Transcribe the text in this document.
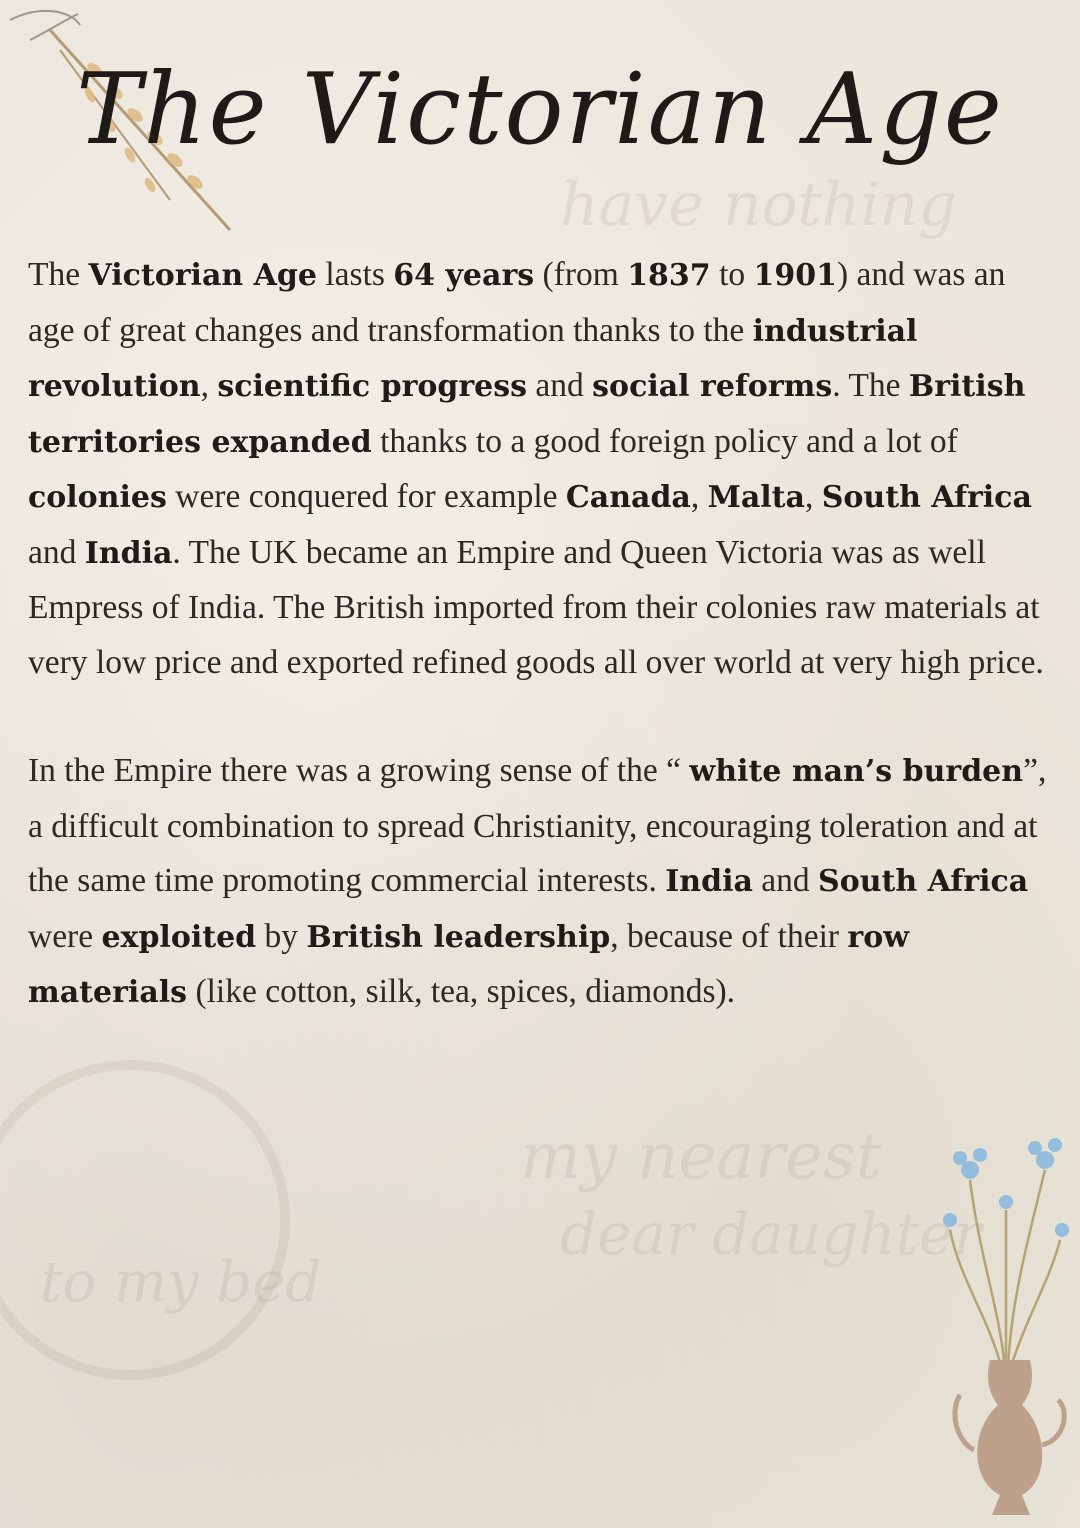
have nothing
my nearest
dear daughter
to my bed
The Victorian Age

The Victorian Age lasts 64 years (from 1837 to 1901) and was an age of great changes and transformation thanks to the industrial revolution, scientific progress and social reforms. The British territories expanded thanks to a good foreign policy and a lot of colonies were conquered for example Canada, Malta, South Africa and India. The UK became an Empire and Queen Victoria was as well Empress of India. The British imported from their colonies raw materials at very low price and exported refined goods all over world at very high price.

In the Empire there was a growing sense of the “ white man’s burden”, a difficult combination to spread Christianity, encouraging toleration and at the same time promoting commercial interests. India and South Africa were exploited by British leadership, because of their row materials (like cotton, silk, tea, spices, diamonds).
